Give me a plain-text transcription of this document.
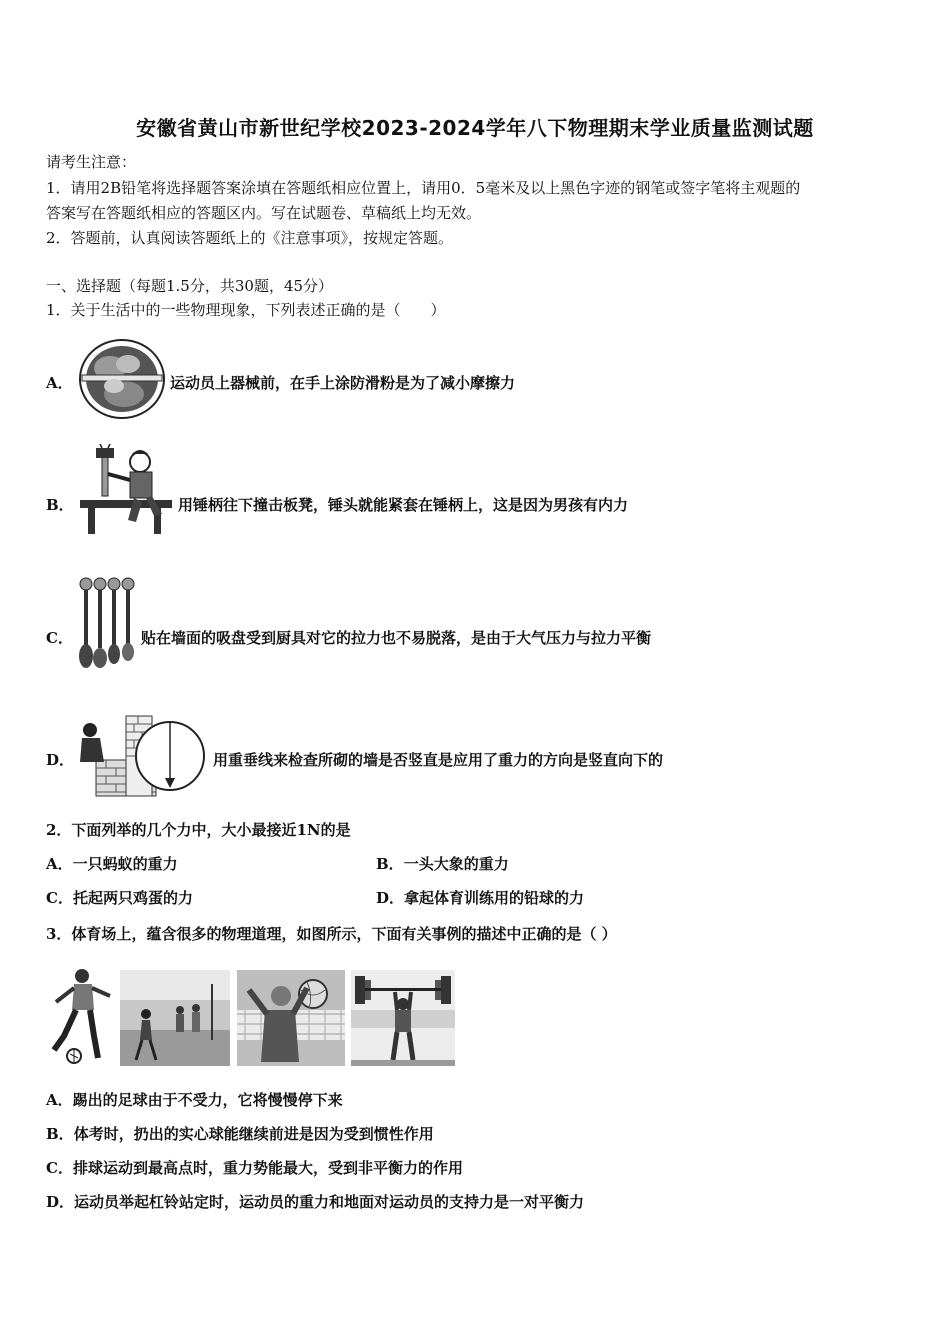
安徽省黄山市新世纪学校2023-2024学年八下物理期末学业质量监测试题
请考生注意：
1．请用2B铅笔将选择题答案涂填在答题纸相应位置上，请用0．5毫米及以上黑色字迹的钢笔或签字笔将主观题的
答案写在答题纸相应的答题区内。写在试题卷、草稿纸上均无效。
2．答题前，认真阅读答题纸上的《注意事项》，按规定答题。
一、选择题（每题1.5分，共30题，45分）
1．关于生活中的一些物理现象，下列表述正确的是（　　）
A．	运动员上器械前，在手上涂防滑粉是为了减小摩擦力
B．	用锤柄往下撞击板凳，锤头就能紧套在锤柄上，这是因为男孩有内力
C．	贴在墙面的吸盘受到厨具对它的拉力也不易脱落，是由于大气压力与拉力平衡
D．	用重垂线来检查所砌的墙是否竖直是应用了重力的方向是竖直向下的
2．下面列举的几个力中，大小最接近1N的是
A．一只蚂蚁的重力	B．一头大象的重力
C．托起两只鸡蛋的力	D．拿起体育训练用的铅球的力
3．体育场上，蕴含很多的物理道理，如图所示，下面有关事例的描述中正确的是（ ）
A．踢出的足球由于不受力，它将慢慢停下来
B．体考时，扔出的实心球能继续前进是因为受到惯性作用
C．排球运动到最高点时，重力势能最大，受到非平衡力的作用
D．运动员举起杠铃站定时，运动员的重力和地面对运动员的支持力是一对平衡力
